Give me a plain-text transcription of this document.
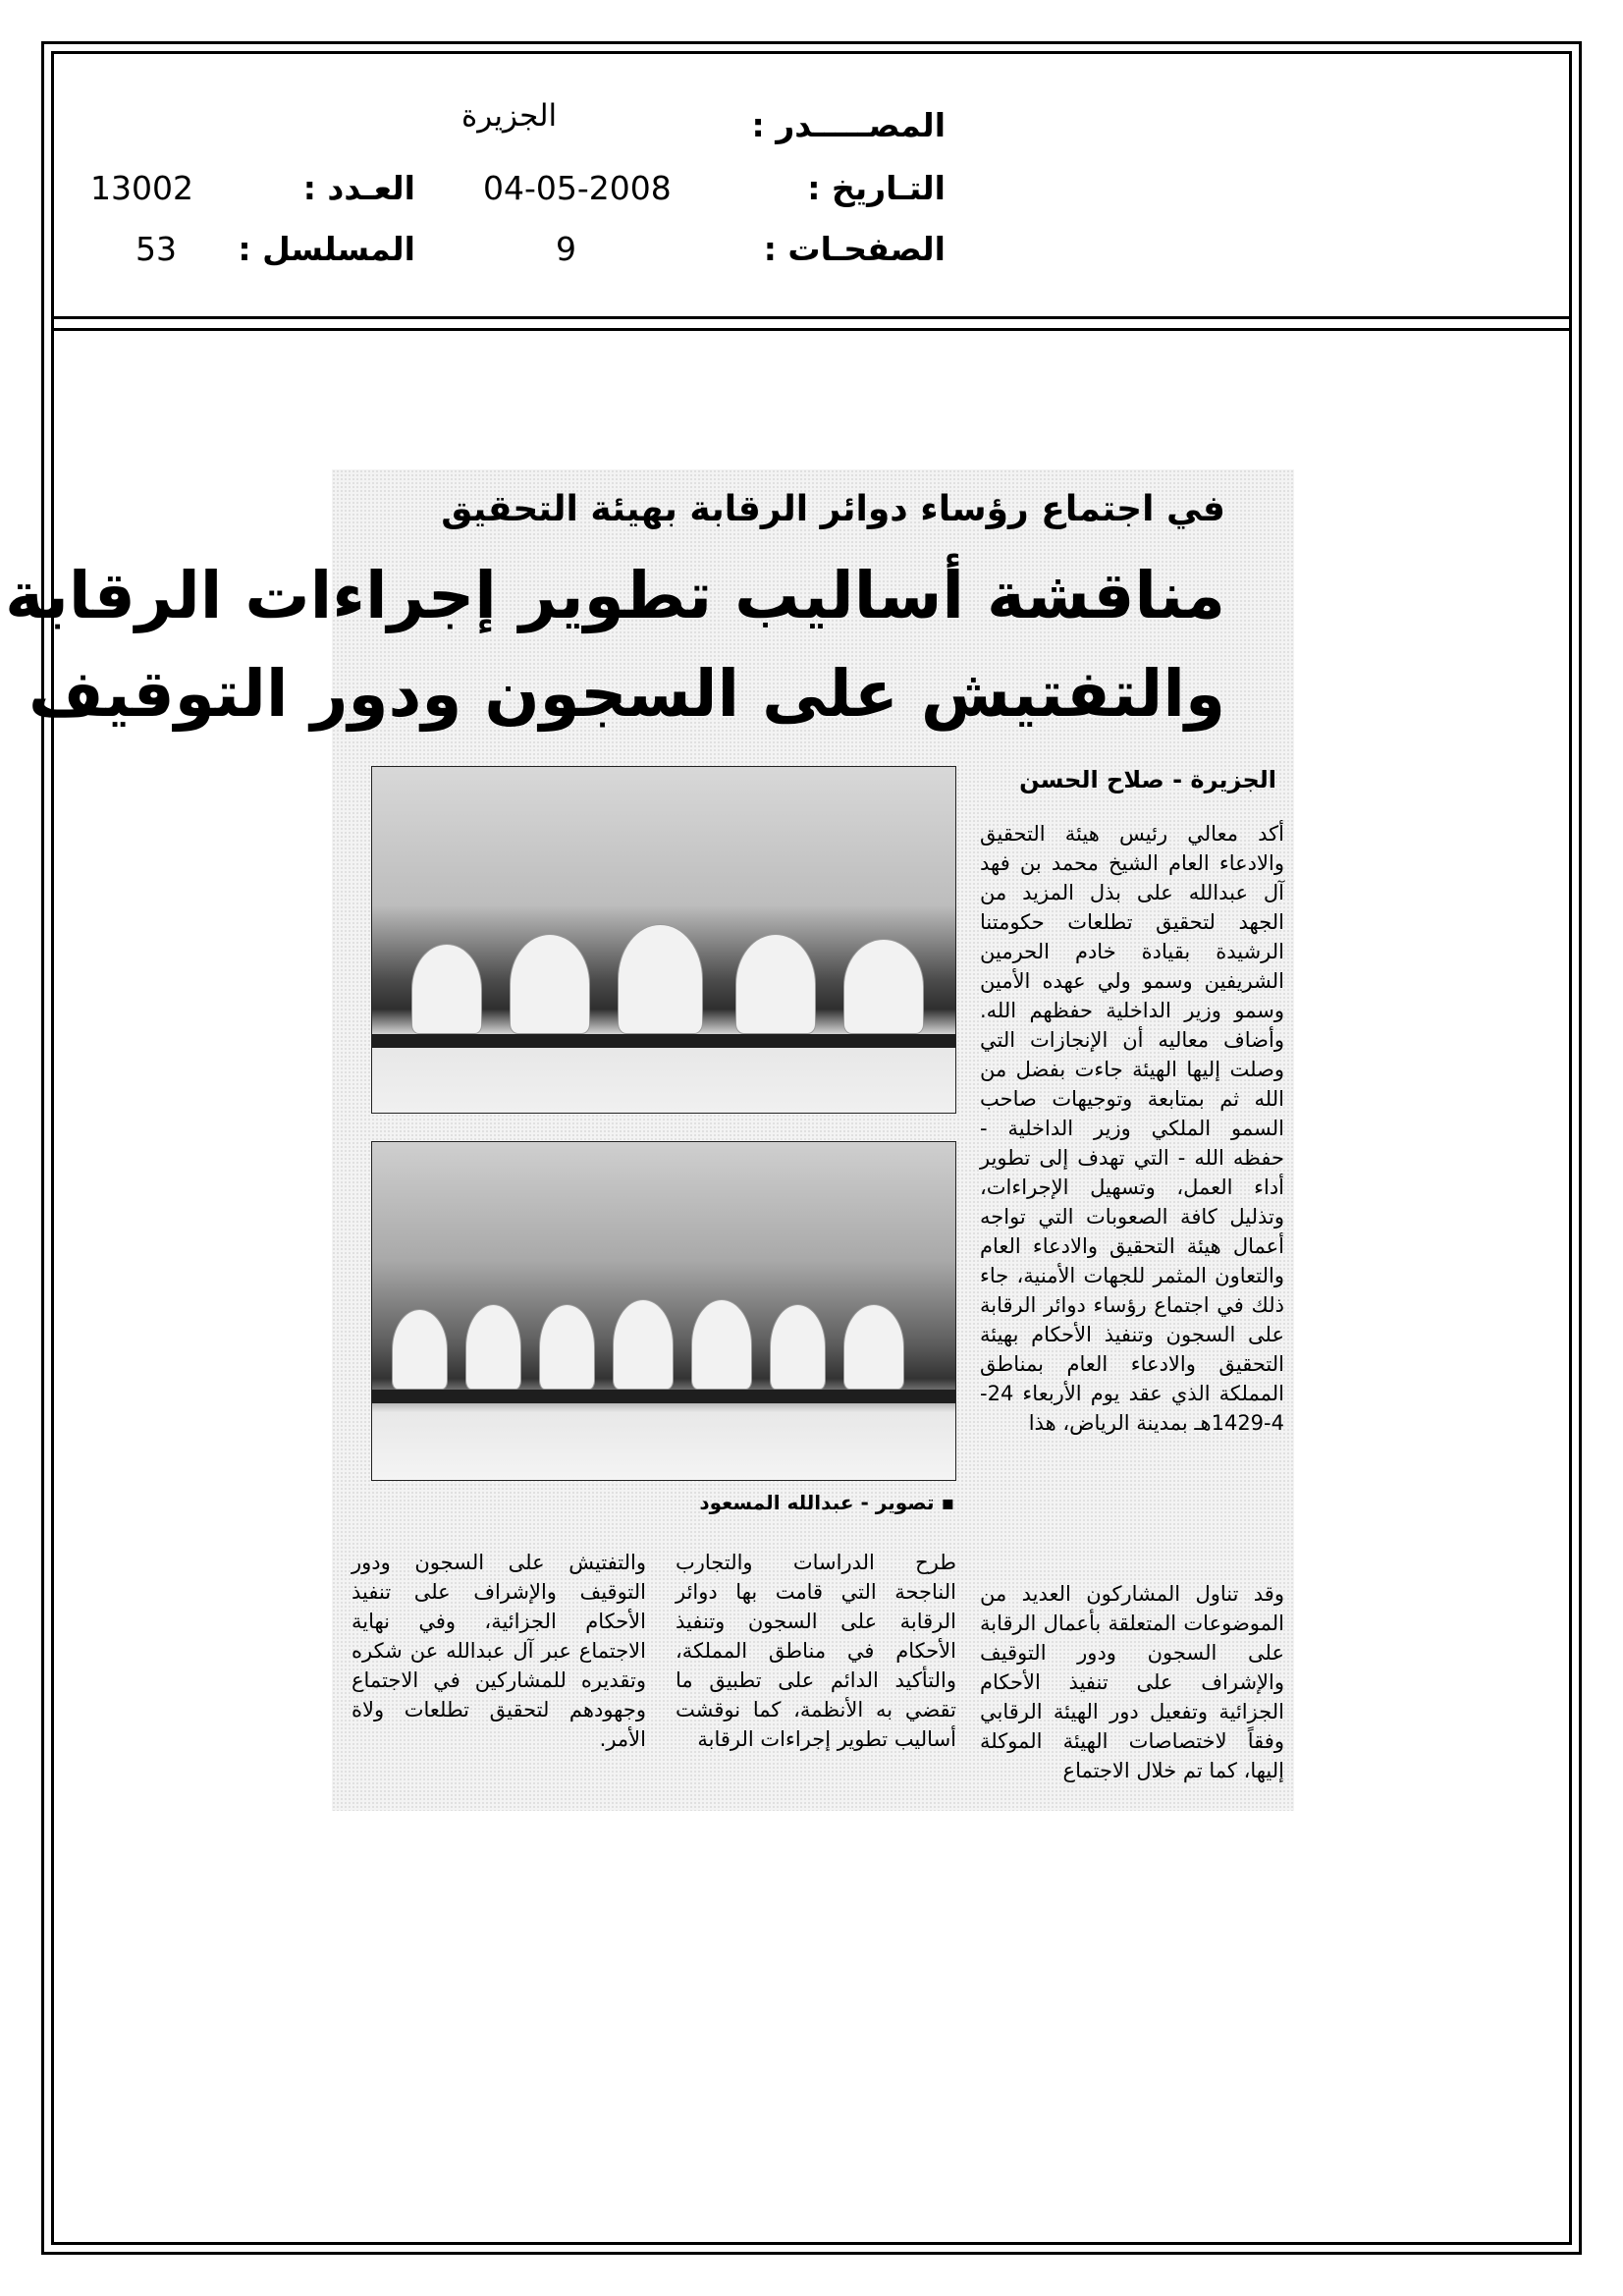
المصـــــدر :
الجزيرة
التـاريخ :
04-05-2008
العـدد :
13002
الصفحـات :
9
المسلسل :
53
في اجتماع رؤساء دوائر الرقابة بهيئة التحقيق
مناقشة أساليب تطوير إجراءات الرقابة
والتفتيش على السجون ودور التوقيف
الجزيرة - صلاح الحسن
▪ تصوير - عبدالله المسعود
أكد معالي رئيس هيئة التحقيق والادعاء العام الشيخ محمد بن فهد آل عبدالله على بذل المزيد من الجهد لتحقيق تطلعات حكومتنا الرشيدة بقيادة خادم الحرمين الشريفين وسمو ولي عهده الأمين وسمو وزير الداخلية حفظهم الله. وأضاف معاليه أن الإنجازات التي وصلت إليها الهيئة جاءت بفضل من الله ثم بمتابعة وتوجيهات صاحب السمو الملكي وزير الداخلية - حفظه الله - التي تهدف إلى تطوير أداء العمل، وتسهيل الإجراءات، وتذليل كافة الصعوبات التي تواجه أعمال هيئة التحقيق والادعاء العام والتعاون المثمر للجهات الأمنية، جاء ذلك في اجتماع رؤساء دوائر الرقابة على السجون وتنفيذ الأحكام بهيئة التحقيق والادعاء العام بمناطق المملكة الذي عقد يوم الأربعاء 24-4-1429هـ بمدينة الرياض، هذا
وقد تناول المشاركون العديد من الموضوعات المتعلقة بأعمال الرقابة على السجون ودور التوقيف والإشراف على تنفيذ الأحكام الجزائية وتفعيل دور الهيئة الرقابي وفقاً لاختصاصات الهيئة الموكلة إليها، كما تم خلال الاجتماع
طرح الدراسات والتجارب الناجحة التي قامت بها دوائر الرقابة على السجون وتنفيذ الأحكام في مناطق المملكة، والتأكيد الدائم على تطبيق ما تقضي به الأنظمة، كما نوقشت أساليب تطوير إجراءات الرقابة
والتفتيش على السجون ودور التوقيف والإشراف على تنفيذ الأحكام الجزائية، وفي نهاية الاجتماع عبر آل عبدالله عن شكره وتقديره للمشاركين في الاجتماع وجهودهم لتحقيق تطلعات ولاة الأمر.
